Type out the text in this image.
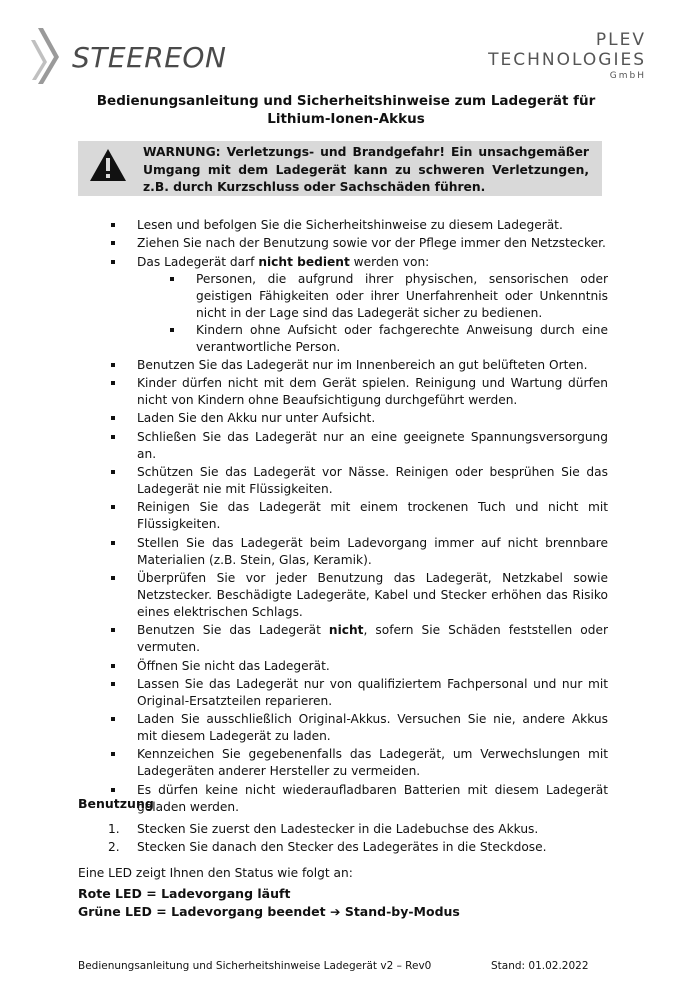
STEEREON
PLEV
TECHNOLOGIES
GmbH
Bedienungsanleitung und Sicherheitshinweise zum Ladegerät für
Lithium-Ionen-Akkus
WARNUNG: Verletzungs- und Brandgefahr! Ein unsachgemäßer Umgang mit dem Ladegerät kann zu schweren Verletzungen, z.B. durch Kurzschluss oder Sachschäden führen.
Lesen und befolgen Sie die Sicherheitshinweise zu diesem Ladegerät.
Ziehen Sie nach der Benutzung sowie vor der Pflege immer den Netzstecker.
Das Ladegerät darf nicht bedient werden von:
Personen, die aufgrund ihrer physischen, sensorischen oder geistigen Fähigkeiten oder ihrer Unerfahrenheit oder Unkenntnis nicht in der Lage sind das Ladegerät sicher zu bedienen.
Kindern ohne Aufsicht oder fachgerechte Anweisung durch eine verantwortliche Person.
Benutzen Sie das Ladegerät nur im Innenbereich an gut belüfteten Orten.
Kinder dürfen nicht mit dem Gerät spielen. Reinigung und Wartung dürfen nicht von Kindern ohne Beaufsichtigung durchgeführt werden.
Laden Sie den Akku nur unter Aufsicht.
Schließen Sie das Ladegerät nur an eine geeignete Spannungsversorgung an.
Schützen Sie das Ladegerät vor Nässe. Reinigen oder besprühen Sie das Ladegerät nie mit Flüssigkeiten.
Reinigen Sie das Ladegerät mit einem trockenen Tuch und nicht mit Flüssigkeiten.
Stellen Sie das Ladegerät beim Ladevorgang immer auf nicht brennbare Materialien (z.B. Stein, Glas, Keramik).
Überprüfen Sie vor jeder Benutzung das Ladegerät, Netzkabel sowie Netzstecker. Beschädigte Ladegeräte, Kabel und Stecker erhöhen das Risiko eines elektrischen Schlags.
Benutzen Sie das Ladegerät nicht, sofern Sie Schäden feststellen oder vermuten.
Öffnen Sie nicht das Ladegerät.
Lassen Sie das Ladegerät nur von qualifiziertem Fachpersonal und nur mit Original-Ersatzteilen reparieren.
Laden Sie ausschließlich Original-Akkus. Versuchen Sie nie, andere Akkus mit diesem Ladegerät zu laden.
Kennzeichen Sie gegebenenfalls das Ladegerät, um Verwechslungen mit Ladegeräten anderer Hersteller zu vermeiden.
Es dürfen keine nicht wiederaufladbaren Batterien mit diesem Ladegerät geladen werden.
Benutzung
1. Stecken Sie zuerst den Ladestecker in die Ladebuchse des Akkus.
2. Stecken Sie danach den Stecker des Ladegerätes in die Steckdose.
Eine LED zeigt Ihnen den Status wie folgt an:
Rote LED = Ladevorgang läuft
Grüne LED = Ladevorgang beendet ➔ Stand-by-Modus
Bedienungsanleitung und Sicherheitshinweise Ladegerät v2 – Rev0	Stand: 01.02.2022
